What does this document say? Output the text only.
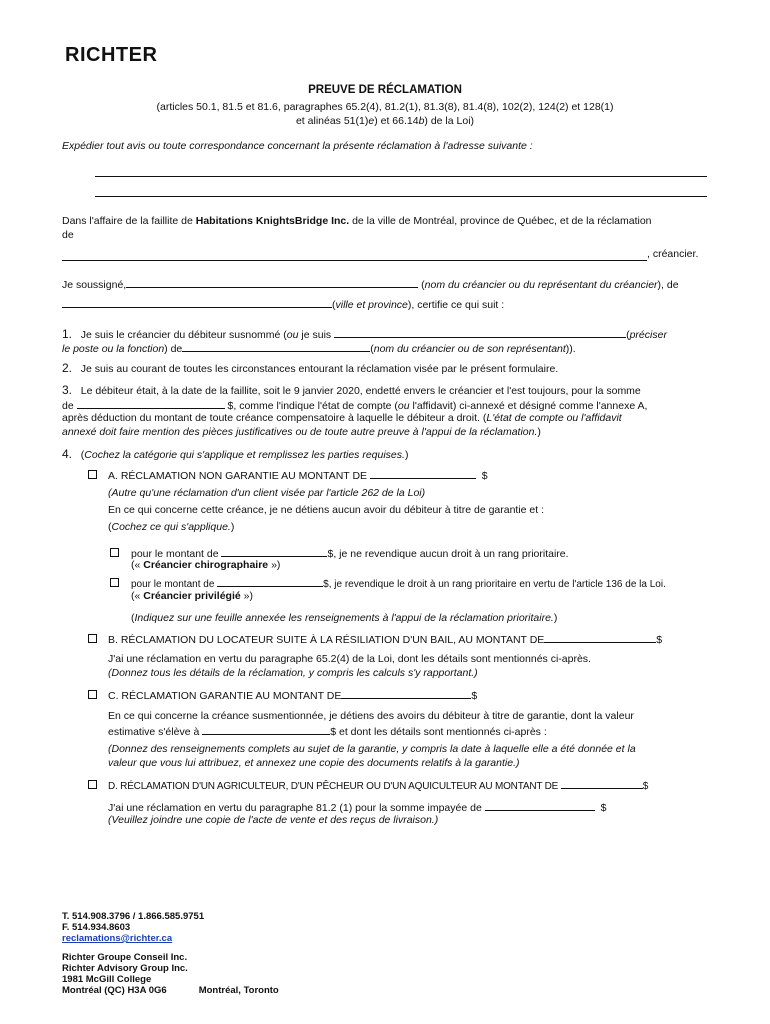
RICHTER
PREUVE DE RÉCLAMATION
(articles 50.1, 81.5 et 81.6, paragraphes 65.2(4), 81.2(1), 81.3(8), 81.4(8), 102(2), 124(2) et 128(1)
et alinéas 51(1)e) et 66.14b) de la Loi)
Expédier tout avis ou toute correspondance concernant la présente réclamation à l'adresse suivante :
Dans l'affaire de la faillite de Habitations KnightsBridge Inc. de la ville de Montréal, province de Québec, et de la réclamation
de
, créancier.
Je soussigné,	(nom du créancier ou du représentant du créancier), de
(ville et province), certifie ce qui suit :
1. Je suis le créancier du débiteur susnommé (ou je suis	(préciser
le poste ou la fonction) de	(nom du créancier ou de son représentant)).
2. Je suis au courant de toutes les circonstances entourant la réclamation visée par le présent formulaire.
3. Le débiteur était, à la date de la faillite, soit le 9 janvier 2020, endetté envers le créancier et l'est toujours, pour la somme
de	$, comme l'indique l'état de compte (ou l'affidavit) ci-annexé et désigné comme l'annexe A,
après déduction du montant de toute créance compensatoire à laquelle le débiteur a droit. (L'état de compte ou l'affidavit
annexé doit faire mention des pièces justificatives ou de toute autre preuve à l'appui de la réclamation.)
4.   (Cochez la catégorie qui s'applique et remplissez les parties requises.)
A. RÉCLAMATION NON GARANTIE AU MONTANT DE	$
(Autre qu'une réclamation d'un client visée par l'article 262 de la Loi)
En ce qui concerne cette créance, je ne détiens aucun avoir du débiteur à titre de garantie et :
(Cochez ce qui s'applique.)
pour le montant de	$, je ne revendique aucun droit à un rang prioritaire.
(« Créancier chirographaire »)
pour le montant de	$, je revendique le droit à un rang prioritaire en vertu de l'article 136 de la Loi.
(« Créancier privilégié »)
(Indiquez sur une feuille annexée les renseignements à l'appui de la réclamation prioritaire.)
B. RÉCLAMATION DU LOCATEUR SUITE À LA RÉSILIATION D'UN BAIL, AU MONTANT DE	$
J'ai une réclamation en vertu du paragraphe 65.2(4) de la Loi, dont les détails sont mentionnés ci-après.
(Donnez tous les détails de la réclamation, y compris les calculs s'y rapportant.)
C. RÉCLAMATION GARANTIE AU MONTANT DE	$
En ce qui concerne la créance susmentionnée, je détiens des avoirs du débiteur à titre de garantie, dont la valeur
estimative s'élève à	$ et dont les détails sont mentionnés ci-après :
(Donnez des renseignements complets au sujet de la garantie, y compris la date à laquelle elle a été donnée et la
valeur que vous lui attribuez, et annexez une copie des documents relatifs à la garantie.)
D. RÉCLAMATION D'UN AGRICULTEUR, D'UN PÊCHEUR OU D'UN AQUICULTEUR AU MONTANT DE	$
J'ai une réclamation en vertu du paragraphe 81.2 (1) pour la somme impayée de	$
(Veuillez joindre une copie de l'acte de vente et des reçus de livraison.)
T. 514.908.3796 / 1.866.585.9751
F. 514.934.8603
reclamations@richter.ca
Richter Groupe Conseil Inc.
Richter Advisory Group Inc.
1981 McGill College
Montréal (QC) H3A 0G6	Montréal, Toronto
